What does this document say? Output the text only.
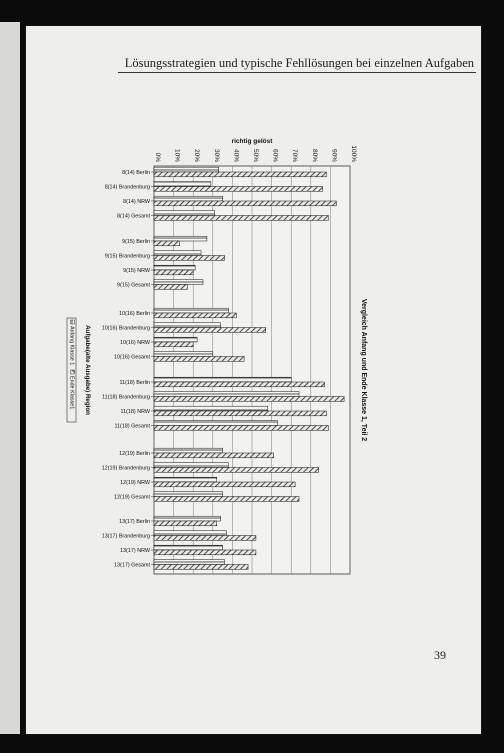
Lösungsstrategien und typische Fehllösungen bei einzelnen Aufgaben
0% 10% 20% 30% 40% 50% 60% 70% 80% 90% 100%
richtig gelöst
8(14) Berlin
8(14) Brandenburg
8(14) NRW
8(14) Gesamt
9(15) Berlin
9(15) Brandenburg
9(15) NRW
9(15) Gesamt
10(16) Berlin
10(16) Brandenburg
10(16) NRW
10(16) Gesamt
11(18) Berlin
11(18) Brandenburg
11(18) NRW
11(18) Gesamt
12(19) Berlin
12(19) Brandenburg
12(19) NRW
12(19) Gesamt
13(17) Berlin
13(17) Brandenburg
13(17) NRW
13(17) Gesamt
Vergleich Anfang und Ende Klasse 1, Teil 2
Anfang Klasse 1
Ende Klasse1 Aufgabe(alte Ausgabe) Region
39
